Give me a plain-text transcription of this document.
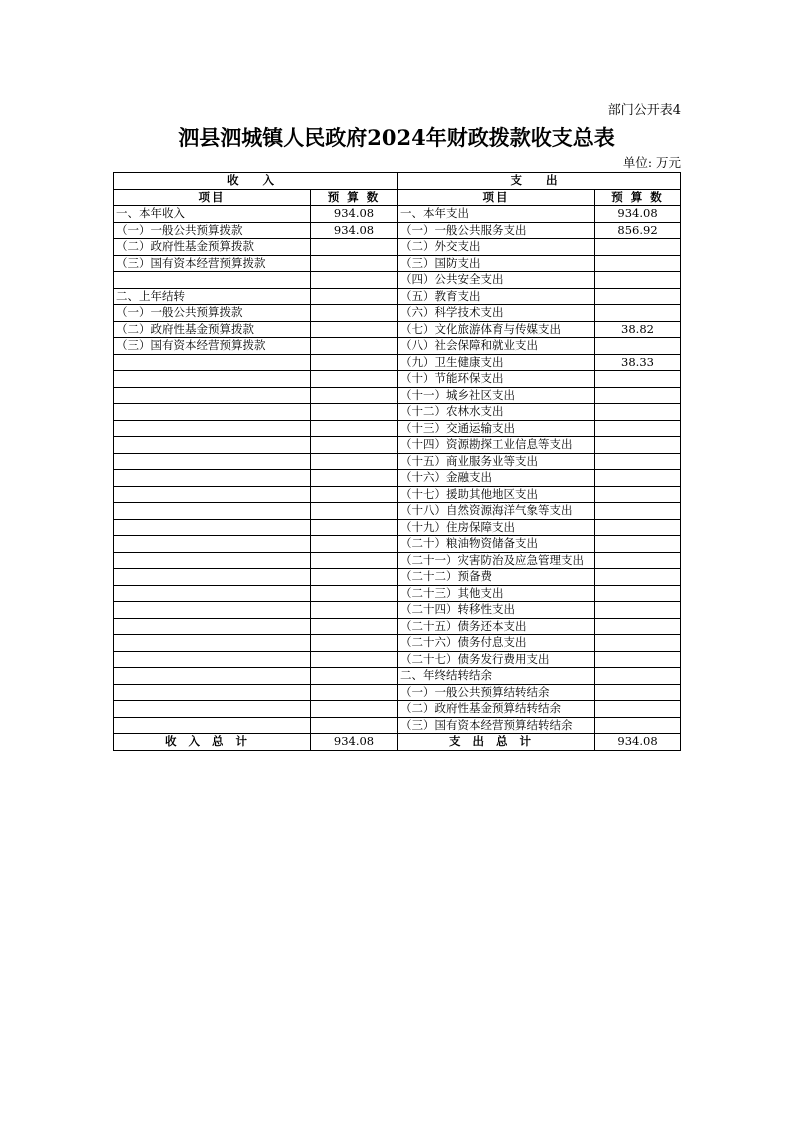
部门公开表4
泗县泗城镇人民政府2024年财政拨款收支总表
单位: 万元
收 入		支 出	
项目	预 算 数	项目	预 算 数
一、本年收入	934.08	一、本年支出	934.08
（一）一般公共预算拨款	934.08	（一）一般公共服务支出	856.92
（二）政府性基金预算拨款		（二）外交支出	
（三）国有资本经营预算拨款		（三）国防支出	
		（四）公共安全支出	
二、上年结转		（五）教育支出	
（一）一般公共预算拨款		（六）科学技术支出	
（二）政府性基金预算拨款		（七）文化旅游体育与传媒支出	38.82
（三）国有资本经营预算拨款		（八）社会保障和就业支出	
		（九）卫生健康支出	38.33
		（十）节能环保支出	
		（十一）城乡社区支出	
		（十二）农林水支出	
		（十三）交通运输支出	
		（十四）资源勘探工业信息等支出	
		（十五）商业服务业等支出	
		（十六）金融支出	
		（十七）援助其他地区支出	
		（十八）自然资源海洋气象等支出	
		（十九）住房保障支出	
		（二十）粮油物资储备支出	
		（二十一）灾害防治及应急管理支出	
		（二十二）预备费	
		（二十三）其他支出	
		（二十四）转移性支出	
		（二十五）债务还本支出	
		（二十六）债务付息支出	
		（二十七）债务发行费用支出	
		二、年终结转结余	
		（一）一般公共预算结转结余	
		（二）政府性基金预算结转结余	
		（三）国有资本经营预算结转结余	
收入总计	934.08	支出总计	934.08
